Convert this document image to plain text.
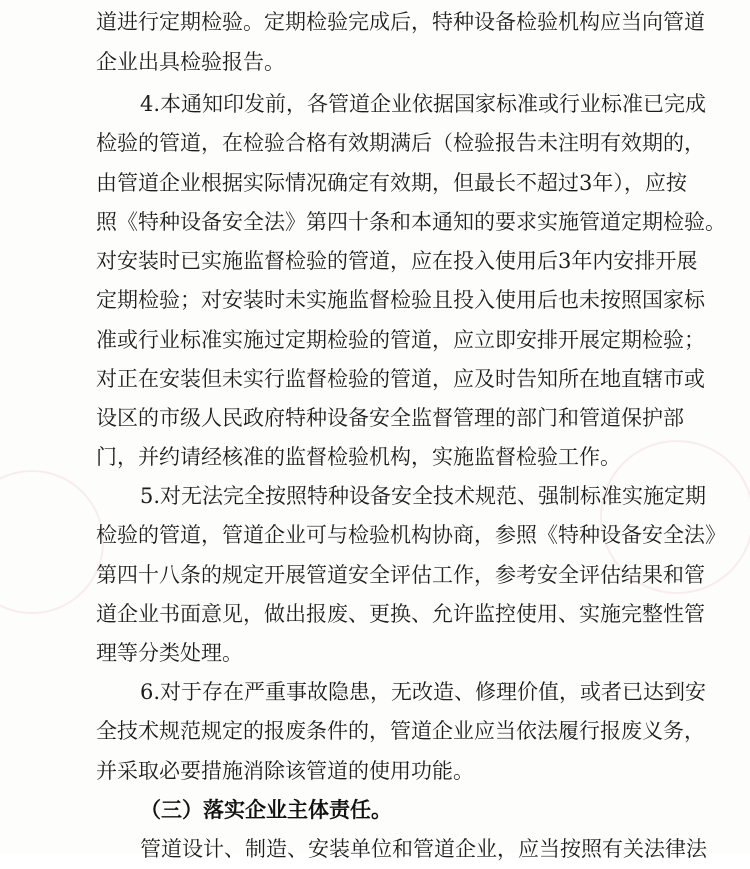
道进行定期检验。定期检验完成后，特种设备检验机构应当向管道
企业出具检验报告。
4.本通知印发前，各管道企业依据国家标准或行业标准已完成
检验的管道，在检验合格有效期满后（检验报告未注明有效期的，
由管道企业根据实际情况确定有效期，但最长不超过3年），应按
照《特种设备安全法》第四十条和本通知的要求实施管道定期检验。
对安装时已实施监督检验的管道，应在投入使用后3年内安排开展
定期检验；对安装时未实施监督检验且投入使用后也未按照国家标
准或行业标准实施过定期检验的管道，应立即安排开展定期检验；
对正在安装但未实行监督检验的管道，应及时告知所在地直辖市或
设区的市级人民政府特种设备安全监督管理的部门和管道保护部
门，并约请经核准的监督检验机构，实施监督检验工作。
5.对无法完全按照特种设备安全技术规范、强制标准实施定期
检验的管道，管道企业可与检验机构协商，参照《特种设备安全法》
第四十八条的规定开展管道安全评估工作，参考安全评估结果和管
道企业书面意见，做出报废、更换、允许监控使用、实施完整性管
理等分类处理。
6.对于存在严重事故隐患，无改造、修理价值，或者已达到安
全技术规范规定的报废条件的，管道企业应当依法履行报废义务，
并采取必要措施消除该管道的使用功能。
（三）落实企业主体责任。
管道设计、制造、安装单位和管道企业，应当按照有关法律法
